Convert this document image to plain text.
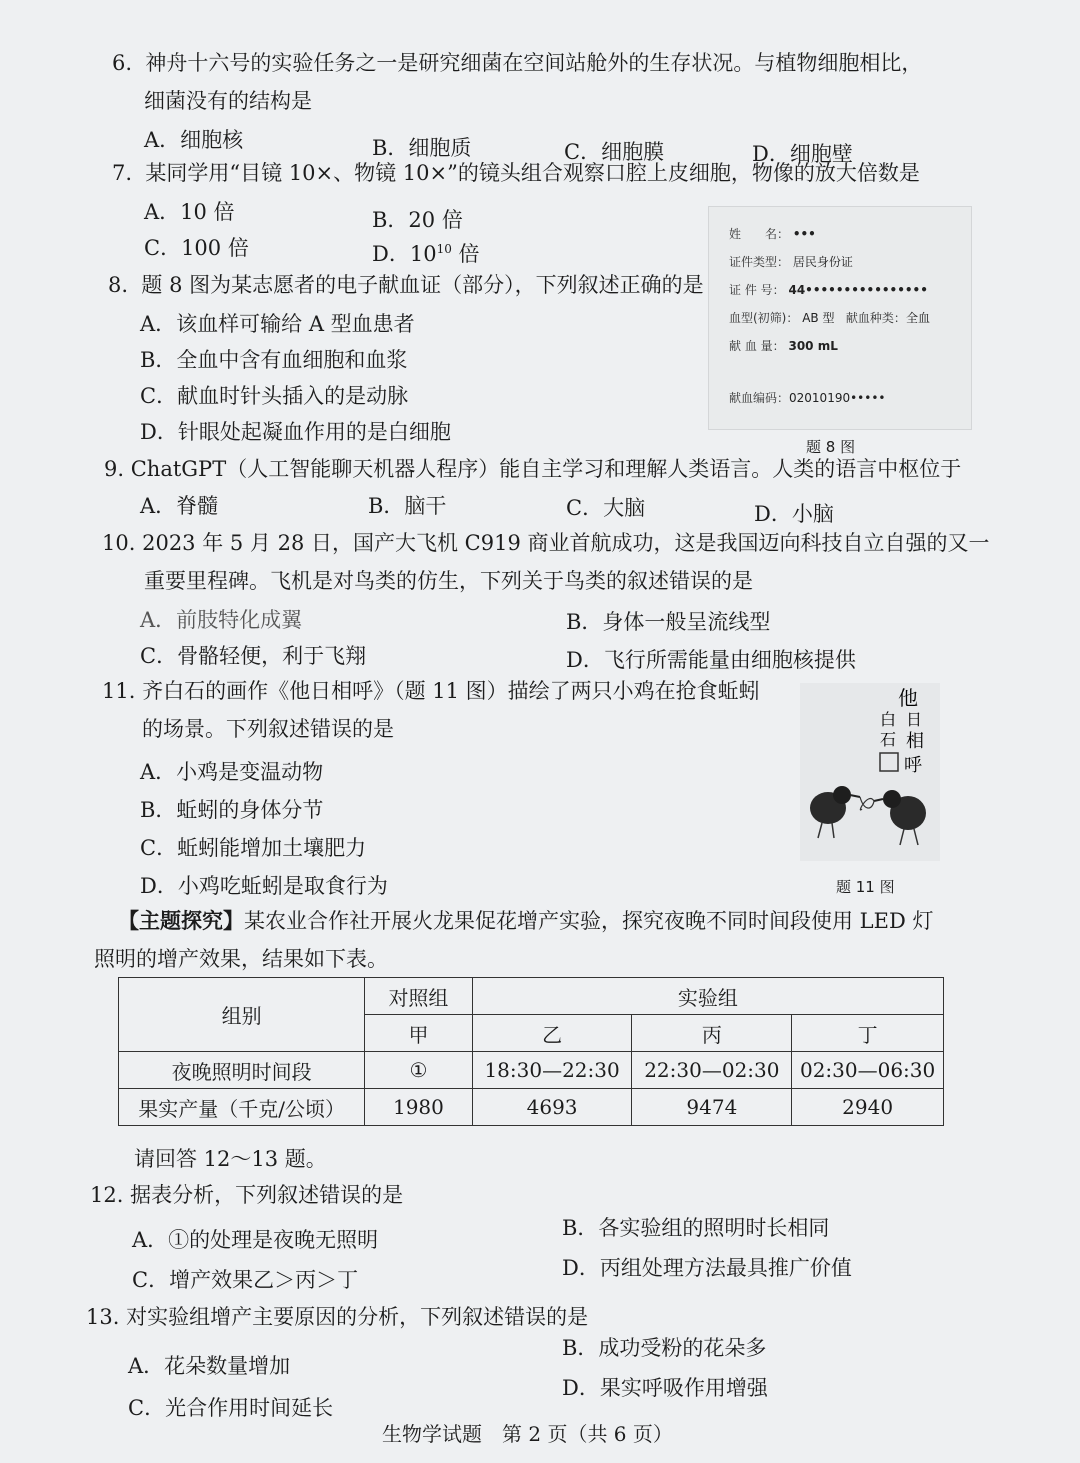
6. 神舟十六号的实验任务之一是研究细菌在空间站舱外的生存状况。与植物细胞相比，
细菌没有的结构是
A．细胞核	B．细胞质	C．细胞膜	D．细胞壁
7. 某同学用“目镜 10×、物镜 10×”的镜头组合观察口腔上皮细胞，物像的放大倍数是
A．10 倍	B．20 倍
C．100 倍	D．$10^{10}$ 倍
8. 题 8 图为某志愿者的电子献血证（部分），下列叙述正确的是
A．该血样可输给 A 型血患者
B．全血中含有血细胞和血浆
C．献血时针头插入的是动脉
D．针眼处起凝血作用的是白细胞
姓　　名： •••
证件类型： 居民身份证
证 件 号： 44••••••••••••••••
血型(初筛)： AB 型 献血种类：全血
献 血 量： 300 mL
献血编码：02010190•••••
题 8 图
9. ChatGPT（人工智能聊天机器人程序）能自主学习和理解人类语言。人类的语言中枢位于
A．脊髓	B．脑干	C．大脑	D．小脑
10. 2023 年 5 月 28 日，国产大飞机 C919 商业首航成功，这是我国迈向科技自立自强的又一
重要里程碑。飞机是对鸟类的仿生，下列关于鸟类的叙述错误的是
A．前肢特化成翼	B．身体一般呈流线型
C．骨骼轻便，利于飞翔	D．飞行所需能量由细胞核提供
11. 齐白石的画作《他日相呼》（题 11 图）描绘了两只小鸡在抢食蚯蚓
的场景。下列叙述错误的是
A．小鸡是变温动物
B．蚯蚓的身体分节
C．蚯蚓能增加土壤肥力
D．小鸡吃蚯蚓是取食行为
他
日
相
呼
白
石
题 11 图
【主题探究】某农业合作社开展火龙果促花增产实验，探究夜晚不同时间段使用 LED 灯
照明的增产效果，结果如下表。
组别	对照组	实验组		
	甲	乙	丙	丁
夜晚照明时间段	①	18:30—22:30	22:30—02:30	02:30—06:30
果实产量（千克/公顷）	1980	4693	9474	2940
请回答 12～13 题。
12. 据表分析，下列叙述错误的是
A．①的处理是夜晚无照明	B．各实验组的照明时长相同
C．增产效果乙＞丙＞丁	D．丙组处理方法最具推广价值
13. 对实验组增产主要原因的分析，下列叙述错误的是
A．花朵数量增加
B．成功受粉的花朵多
C．光合作用时间延长
D．果实呼吸作用增强
生物学试题　第 2 页（共 6 页）
